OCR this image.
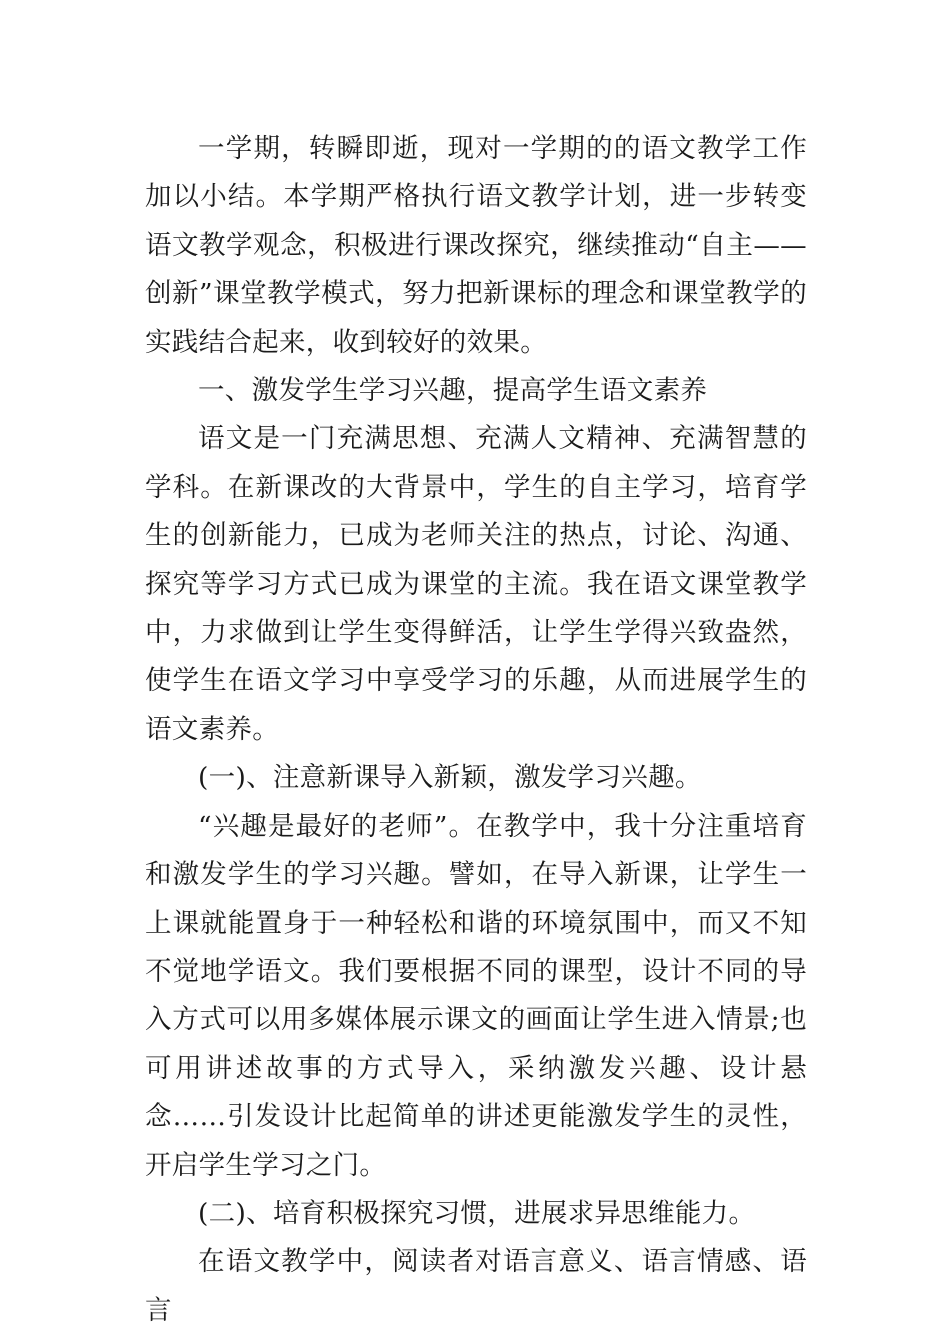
一学期，转瞬即逝，现对一学期的的语文教学工作加以小结。本学期严格执行语文教学计划，进一步转变语文教学观念，积极进行课改探究，继续推动“自主——创新”课堂教学模式，努力把新课标的理念和课堂教学的实践结合起来，收到较好的效果。

一、激发学生学习兴趣，提高学生语文素养

语文是一门充满思想、充满人文精神、充满智慧的学科。在新课改的大背景中，学生的自主学习，培育学生的创新能力，已成为老师关注的热点，讨论、沟通、探究等学习方式已成为课堂的主流。我在语文课堂教学中，力求做到让学生变得鲜活，让学生学得兴致盎然，使学生在语文学习中享受学习的乐趣，从而进展学生的语文素养。

(一)、注意新课导入新颖，激发学习兴趣。

“兴趣是最好的老师”。在教学中，我十分注重培育和激发学生的学习兴趣。譬如，在导入新课，让学生一上课就能置身于一种轻松和谐的环境氛围中，而又不知不觉地学语文。我们要根据不同的课型，设计不同的导入方式可以用多媒体展示课文的画面让学生进入情景;也可用讲述故事的方式导入，采纳激发兴趣、设计悬念……引发设计比起简单的讲述更能激发学生的灵性，开启学生学习之门。

(二)、培育积极探究习惯，进展求异思维能力。

在语文教学中，阅读者对语言意义、语言情感、语言
